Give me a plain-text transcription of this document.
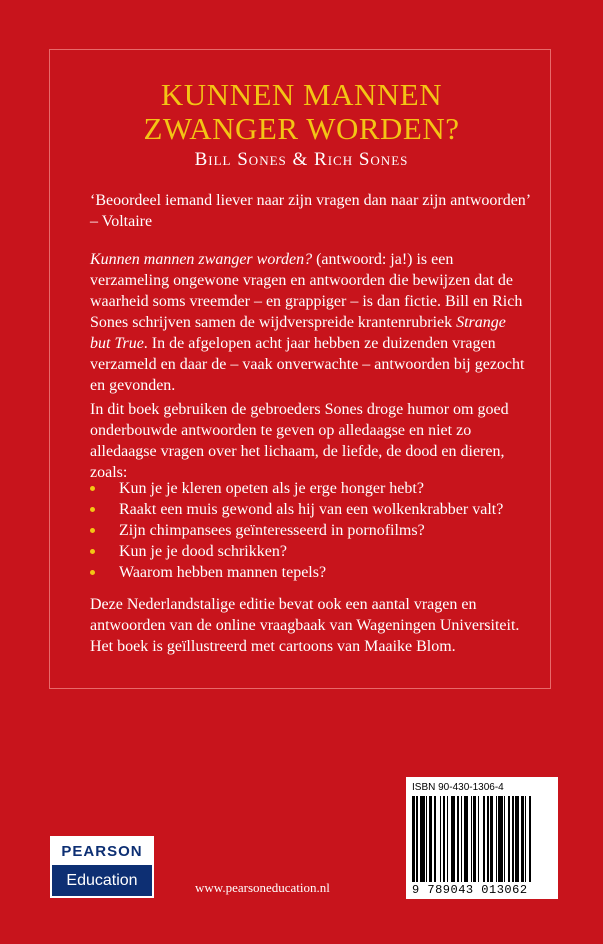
KUNNEN MANNEN
ZWANGER WORDEN?
Bill Sones & Rich Sones

‘Beoordeel iemand liever naar zijn vragen dan naar zijn antwoorden’ – Voltaire

Kunnen mannen zwanger worden? (antwoord: ja!) is een verzameling ongewone vragen en antwoorden die bewijzen dat de waarheid soms vreemder – en grappiger – is dan fictie. Bill en Rich Sones schrijven samen de wijdverspreide krantenrubriek Strange but True. In de afgelopen acht jaar hebben ze duizenden vragen verzameld en daar de – vaak onverwachte – antwoorden bij gezocht en gevonden.

In dit boek gebruiken de gebroeders Sones droge humor om goed onderbouwde antwoorden te geven op alledaagse en niet zo alledaagse vragen over het lichaam, de liefde, de dood en dieren, zoals:

Kun je je kleren opeten als je erge honger hebt?
Raakt een muis gewond als hij van een wolkenkrabber valt?
Zijn chimpansees geïnteresseerd in pornofilms?
Kun je je dood schrikken?
Waarom hebben mannen tepels?

Deze Nederlandstalige editie bevat ook een aantal vragen en antwoorden van de online vraagbaak van Wageningen Universiteit. Het boek is geïllustreerd met cartoons van Maaike Blom.

PEARSON
Education	www.pearsoneducation.nl
ISBN 90-430-1306-4
9 789043 013062
